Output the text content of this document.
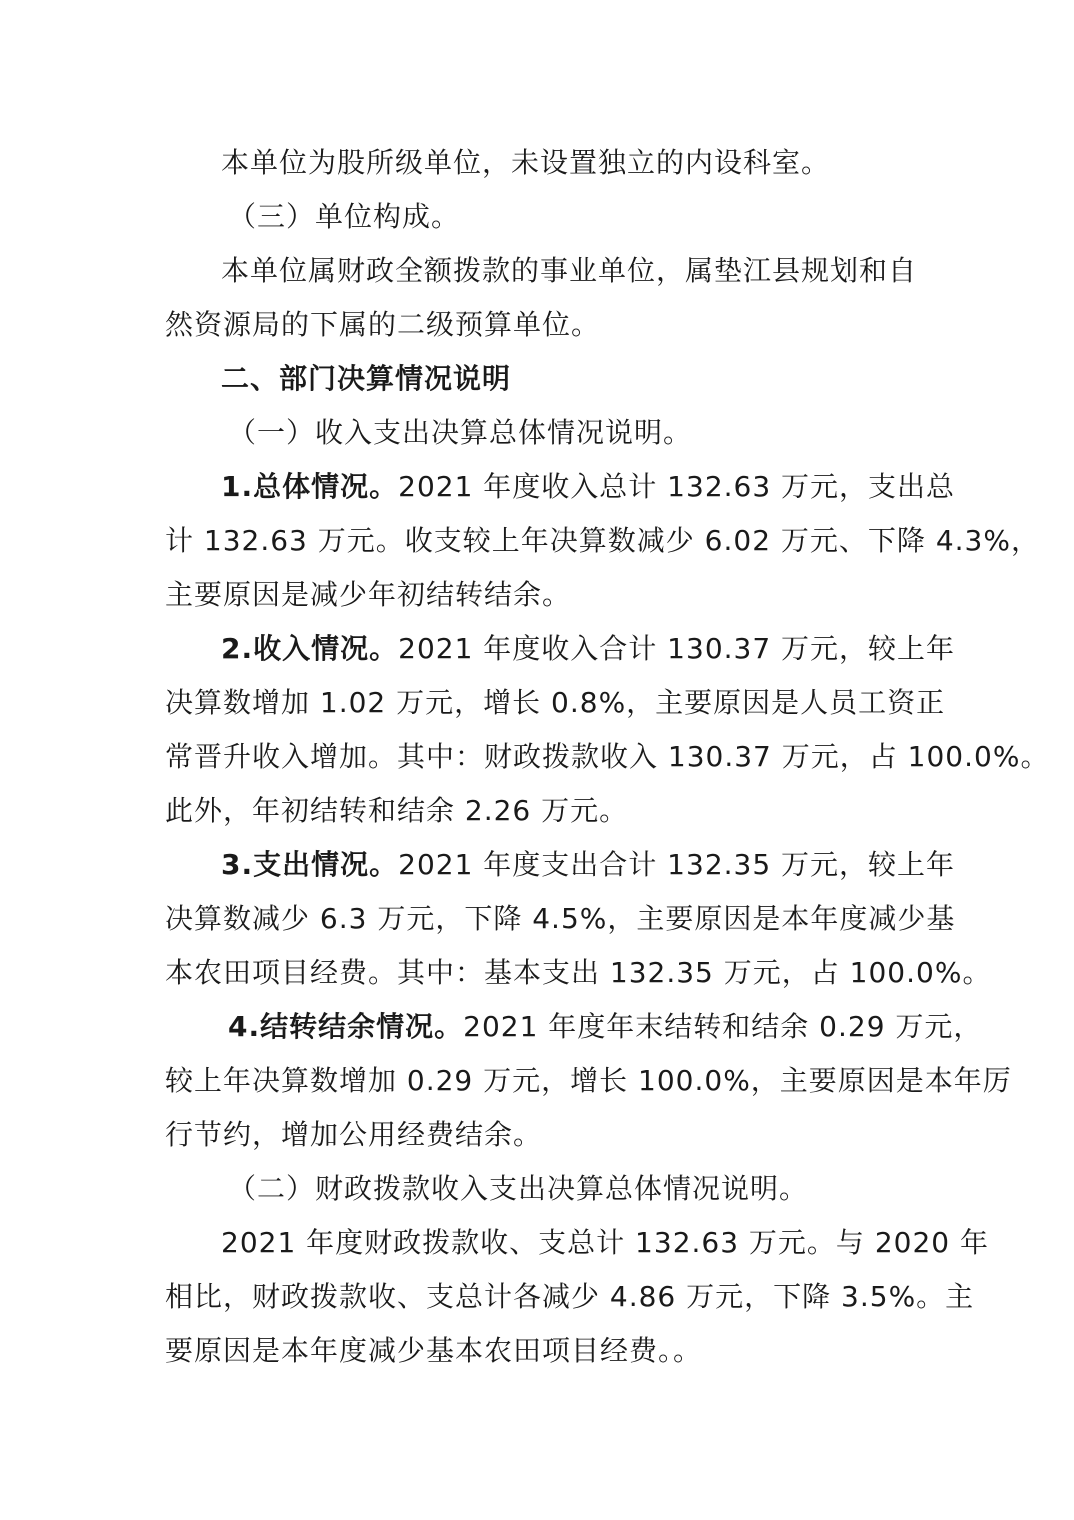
本单位为股所级单位，未设置独立的内设科室。
（三）单位构成。
本单位属财政全额拨款的事业单位，属垫江县规划和自
然资源局的下属的二级预算单位。
二、部门决算情况说明
（一）收入支出决算总体情况说明。
1.总体情况。2021 年度收入总计 132.63 万元，支出总
计 132.63 万元。收支较上年决算数减少 6.02 万元、下降 4.3%，
主要原因是减少年初结转结余。
2.收入情况。2021 年度收入合计 130.37 万元，较上年
决算数增加 1.02 万元，增长 0.8%，主要原因是人员工资正
常晋升收入增加。其中：财政拨款收入 130.37 万元，占 100.0%。
此外，年初结转和结余 2.26 万元。
3.支出情况。2021 年度支出合计 132.35 万元，较上年
决算数减少 6.3 万元，下降 4.5%，主要原因是本年度减少基
本农田项目经费。其中：基本支出 132.35 万元，占 100.0%。
4.结转结余情况。2021 年度年末结转和结余 0.29 万元，
较上年决算数增加 0.29 万元，增长 100.0%，主要原因是本年厉
行节约，增加公用经费结余。
（二）财政拨款收入支出决算总体情况说明。
2021 年度财政拨款收、支总计 132.63 万元。与 2020 年
相比，财政拨款收、支总计各减少 4.86 万元，下降 3.5%。主
要原因是本年度减少基本农田项目经费。。
